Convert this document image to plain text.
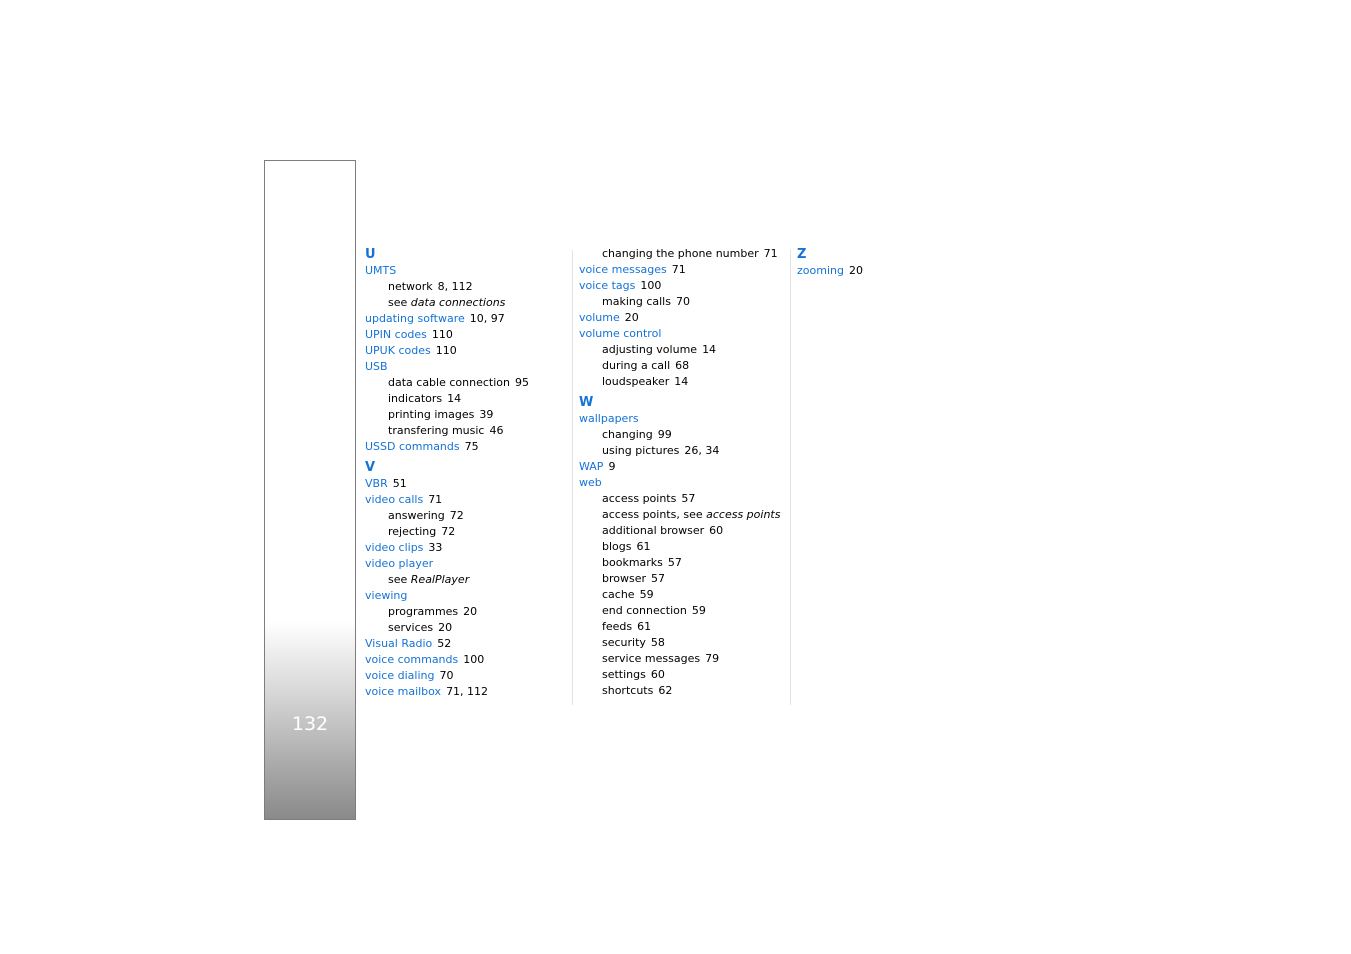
132
U
UMTS
network 8, 112
see data connections
updating software 10, 97
UPIN codes 110
UPUK codes 110
USB
data cable connection 95
indicators 14
printing images 39
transfering music 46
USSD commands 75
V
VBR 51
video calls 71
answering 72
rejecting 72
video clips 33
video player
see RealPlayer
viewing
programmes 20
services 20
Visual Radio 52
voice commands 100
voice dialing 70
voice mailbox 71, 112
changing the phone number 71
voice messages 71
voice tags 100
making calls 70
volume 20
volume control
adjusting volume 14
during a call 68
loudspeaker 14
W
wallpapers
changing 99
using pictures 26, 34
WAP 9
web
access points 57
access points, see access points
additional browser 60
blogs 61
bookmarks 57
browser 57
cache 59
end connection 59
feeds 61
security 58
service messages 79
settings 60
shortcuts 62
Z
zooming 20
